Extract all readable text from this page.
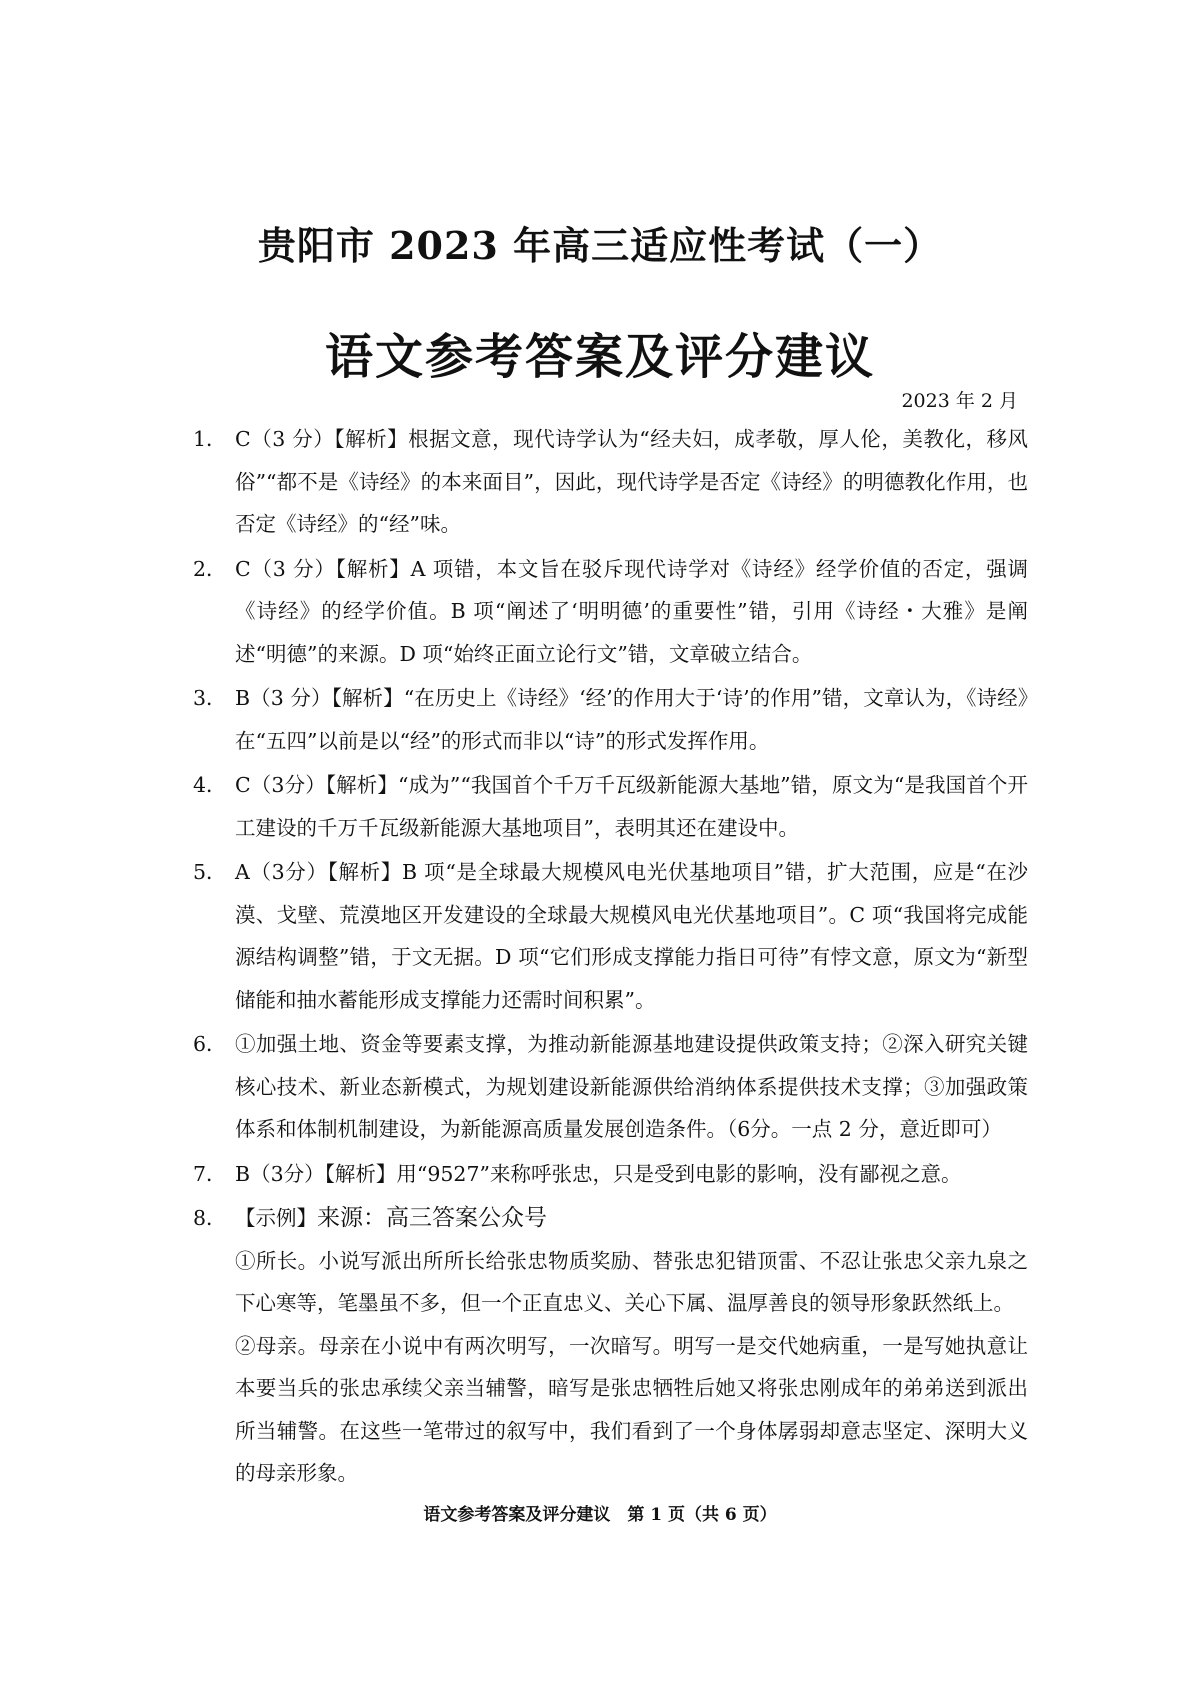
贵阳市 2023 年高三适应性考试（一）
语文参考答案及评分建议
2023 年 2 月
1． C（3 分）【解析】根据文意，现代诗学认为“经夫妇，成孝敬，厚人伦，美教化，移风俗”“都不是《诗经》的本来面目”，因此，现代诗学是否定《诗经》的明德教化作用，也否定《诗经》的“经”味。
2． C（3 分）【解析】A 项错，本文旨在驳斥现代诗学对《诗经》经学价值的否定，强调《诗经》的经学价值。B 项“阐述了‘明明德’的重要性”错，引用《诗经・大雅》是阐述“明德”的来源。D 项“始终正面立论行文”错，文章破立结合。
3． B（3 分）【解析】“在历史上《诗经》‘经’的作用大于‘诗’的作用”错，文章认为，《诗经》在“五四”以前是以“经”的形式而非以“诗”的形式发挥作用。
4． C（3分）【解析】“成为”“我国首个千万千瓦级新能源大基地”错，原文为“是我国首个开工建设的千万千瓦级新能源大基地项目”，表明其还在建设中。
5． A（3分）【解析】B 项“是全球最大规模风电光伏基地项目”错，扩大范围，应是“在沙漠、戈壁、荒漠地区开发建设的全球最大规模风电光伏基地项目”。C 项“我国将完成能源结构调整”错，于文无据。D 项“它们形成支撑能力指日可待”有悖文意，原文为“新型储能和抽水蓄能形成支撑能力还需时间积累”。
6． ①加强土地、资金等要素支撑，为推动新能源基地建设提供政策支持；②深入研究关键核心技术、新业态新模式，为规划建设新能源供给消纳体系提供技术支撑；③加强政策体系和体制机制建设，为新能源高质量发展创造条件。（6分。一点 2 分，意近即可）
7． B（3分）【解析】用“9527”来称呼张忠，只是受到电影的影响，没有鄙视之意。
8． 【示例】 来源：高三答案公众号
①所长。小说写派出所所长给张忠物质奖励、替张忠犯错顶雷、不忍让张忠父亲九泉之下心寒等，笔墨虽不多，但一个正直忠义、关心下属、温厚善良的领导形象跃然纸上。
②母亲。母亲在小说中有两次明写，一次暗写。明写一是交代她病重，一是写她执意让本要当兵的张忠承续父亲当辅警，暗写是张忠牺牲后她又将张忠刚成年的弟弟送到派出所当辅警。在这些一笔带过的叙写中，我们看到了一个身体孱弱却意志坚定、深明大义的母亲形象。
语文参考答案及评分建议　第 1 页（共 6 页）
